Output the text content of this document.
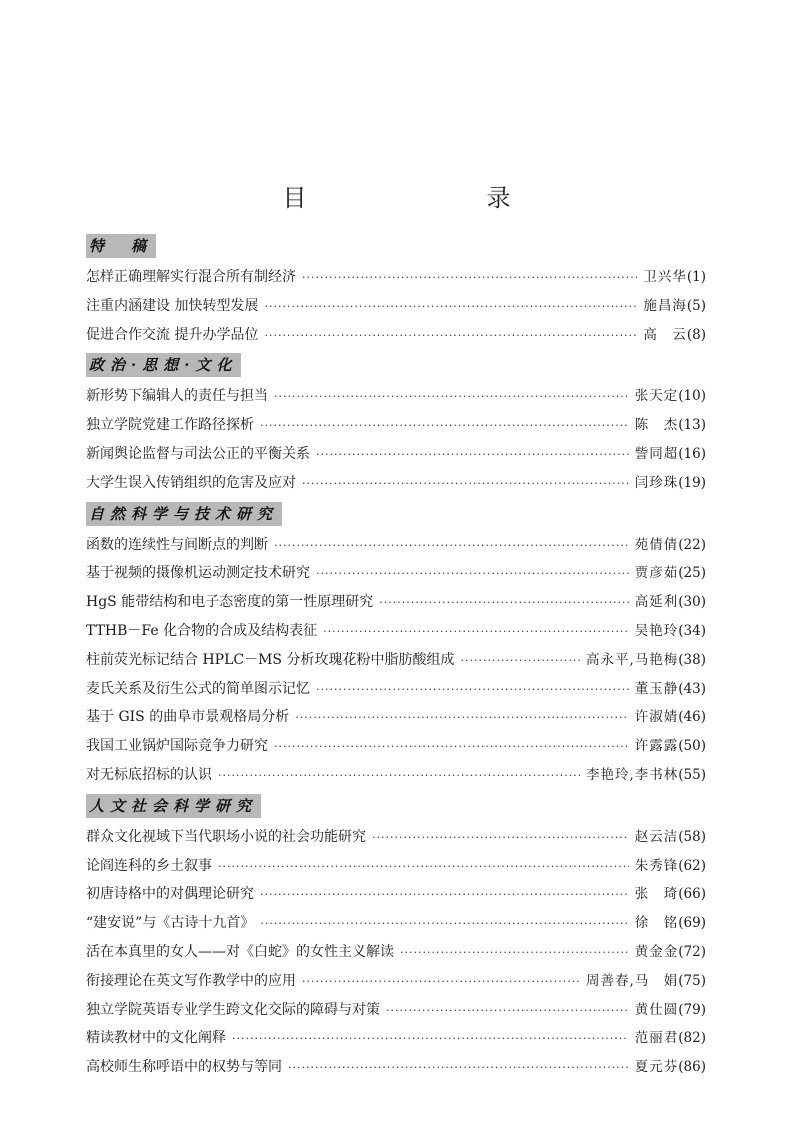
目　　录
特　稿
怎样正确理解实行混合所有制经济 ·····	卫兴华 (1)
注重内涵建设 加快转型发展 ·····	施昌海 (5)
促进合作交流 提升办学品位 ·····	高　云 (8)
政治·思想·文化
新形势下编辑人的责任与担当 ·····	张天定 (10)
独立学院党建工作路径探析 ·····	陈　杰 (13)
新闻舆论监督与司法公正的平衡关系 ·····	訾同超 (16)
大学生误入传销组织的危害及应对 ·····	闫珍珠 (19)
自然科学与技术研究
函数的连续性与间断点的判断 ·····	苑倩倩 (22)
基于视频的摄像机运动测定技术研究 ·····	贾彦茹 (25)
HgS 能带结构和电子态密度的第一性原理研究 ·····	高延利 (30)
TTHB－Fe 化合物的合成及结构表征 ·····	吴艳玲 (34)
柱前荧光标记结合 HPLC－MS 分析玫瑰花粉中脂肪酸组成 ·····	高永平,马艳梅 (38)
麦氏关系及衍生公式的简单图示记忆 ·····	董玉静 (43)
基于 GIS 的曲阜市景观格局分析 ·····	许淑婧 (46)
我国工业锅炉国际竞争力研究 ·····	许露露 (50)
对无标底招标的认识 ·····	李艳玲,李书林 (55)
人文社会科学研究
群众文化视域下当代职场小说的社会功能研究 ·····	赵云洁 (58)
论阎连科的乡土叙事 ·····	朱秀锋 (62)
初唐诗格中的对偶理论研究 ·····	张　琦 (66)
“建安说”与《古诗十九首》 ·····	徐　铭 (69)
活在本真里的女人——对《白蛇》的女性主义解读 ·····	黄金金 (72)
衔接理论在英文写作教学中的应用 ·····	周善春,马　娟 (75)
独立学院英语专业学生跨文化交际的障碍与对策 ·····	黄仕圆 (79)
精读教材中的文化阐释 ·····	范丽君 (82)
高校师生称呼语中的权势与等同 ·····	夏元芬 (86)
